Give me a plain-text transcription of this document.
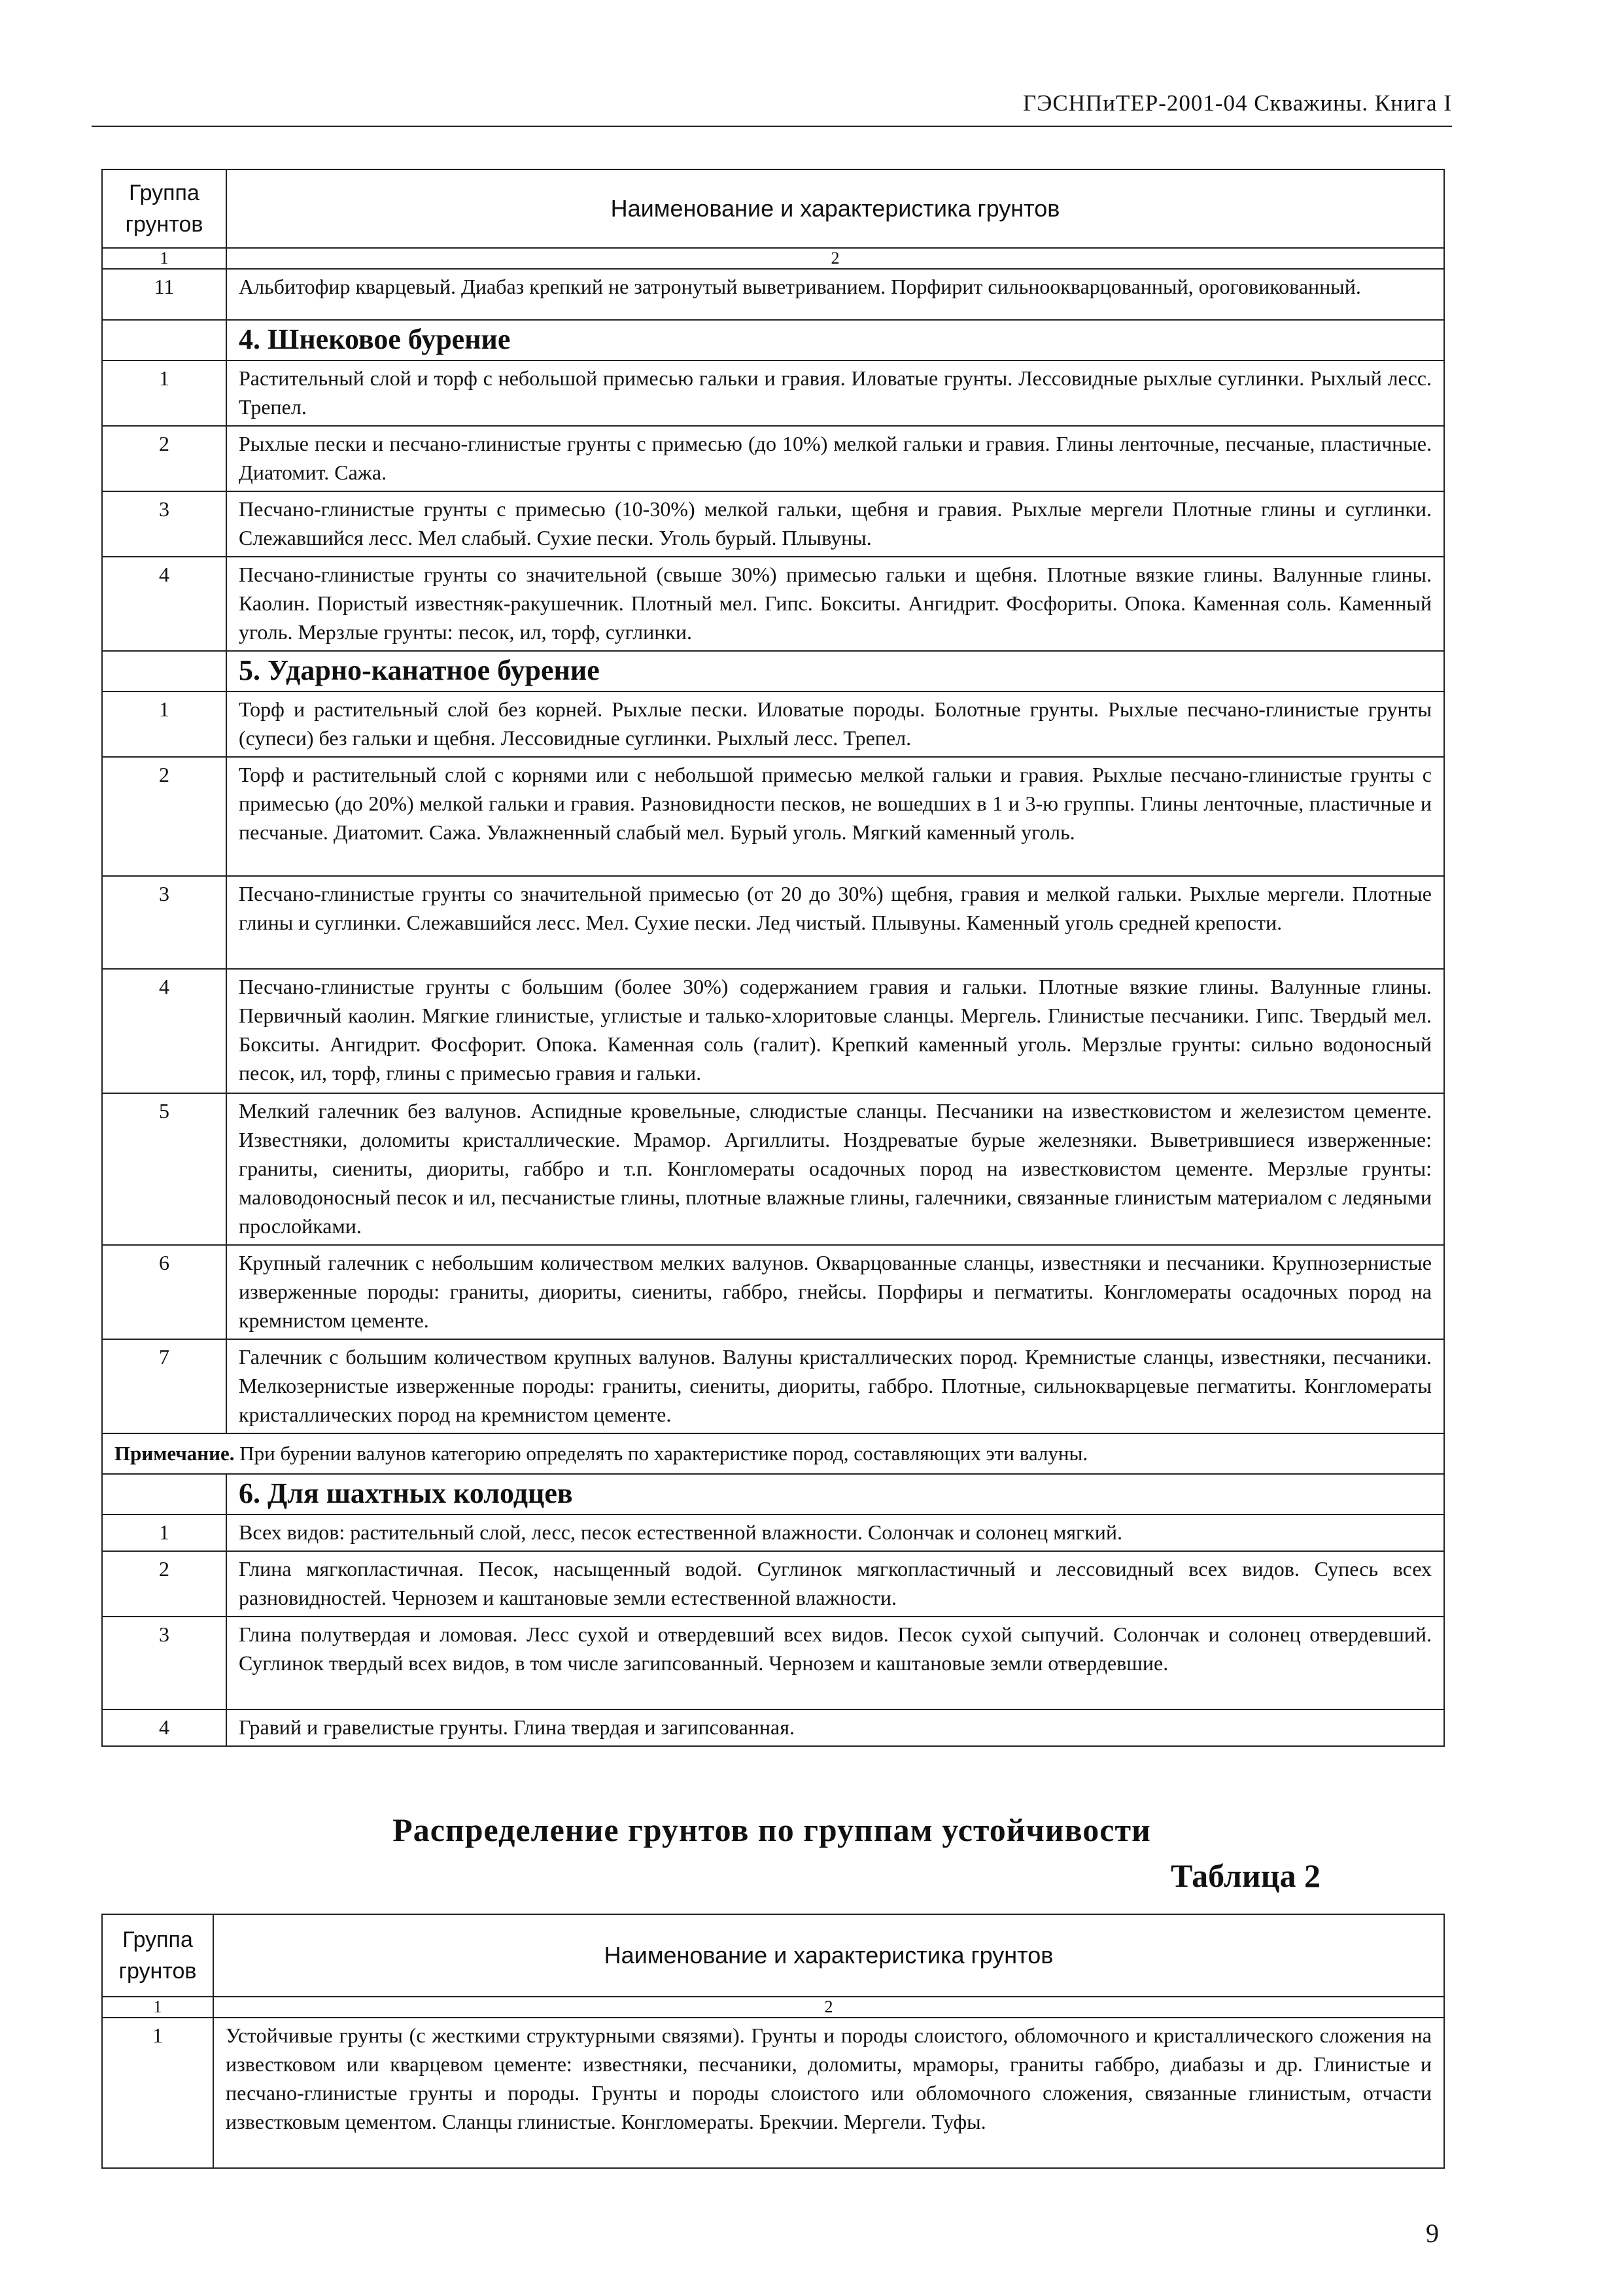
ГЭСНПиТЕР-2001-04 Скважины. Книга I
Группа грунтов	Наименование и характеристика грунтов
1	2
11	Альбитофир кварцевый. Диабаз крепкий не затронутый выветриванием. Порфирит сильноокварцованный, ороговикованный.
	4. Шнековое бурение
1	Растительный слой и торф с небольшой примесью гальки и гравия. Иловатые грунты. Лессовидные рыхлые суглинки. Рыхлый лесс. Трепел.
2	Рыхлые пески и песчано-глинистые грунты с примесью (до 10%) мелкой гальки и гравия. Глины ленточные, песчаные, пластичные. Диатомит. Сажа.
3	Песчано-глинистые грунты с примесью (10-30%) мелкой гальки, щебня и гравия. Рыхлые мергели Плотные глины и суглинки. Слежавшийся лесс. Мел слабый. Сухие пески. Уголь бурый. Плывуны.
4	Песчано-глинистые грунты со значительной (свыше 30%) примесью гальки и щебня. Плотные вязкие глины. Валунные глины. Каолин. Пористый известняк-ракушечник. Плотный мел. Гипс. Бокситы. Ангидрит. Фосфориты. Опока. Каменная соль. Каменный уголь. Мерзлые грунты: песок, ил, торф, суглинки.
	5. Ударно-канатное бурение
1	Торф и растительный слой без корней. Рыхлые пески. Иловатые породы. Болотные грунты. Рыхлые песчано-глинистые грунты (супеси) без гальки и щебня. Лессовидные суглинки. Рыхлый лесс. Трепел.
2	Торф и растительный слой с корнями или с небольшой примесью мелкой гальки и гравия. Рыхлые песчано-глинистые грунты с примесью (до 20%) мелкой гальки и гравия. Разновидности песков, не вошедших в 1 и 3-ю группы. Глины ленточные, пластичные и песчаные. Диатомит. Сажа. Увлажненный слабый мел. Бурый уголь. Мягкий каменный уголь.
3	Песчано-глинистые грунты со значительной примесью (от 20 до 30%) щебня, гравия и мелкой гальки. Рыхлые мергели. Плотные глины и суглинки. Слежавшийся лесс. Мел. Сухие пески. Лед чистый. Плывуны. Каменный уголь средней крепости.
4	Песчано-глинистые грунты с большим (более 30%) содержанием гравия и гальки. Плотные вязкие глины. Валунные глины. Первичный каолин. Мягкие глинистые, углистые и талько-хлоритовые сланцы. Мергель. Глинистые песчаники. Гипс. Твердый мел. Бокситы. Ангидрит. Фосфорит. Опока. Каменная соль (галит). Крепкий каменный уголь. Мерзлые грунты: сильно водоносный песок, ил, торф, глины с примесью гравия и гальки.
5	Мелкий галечник без валунов. Аспидные кровельные, слюдистые сланцы. Песчаники на известковистом и железистом цементе. Известняки, доломиты кристаллические. Мрамор. Аргиллиты. Ноздреватые бурые железняки. Выветрившиеся изверженные: граниты, сиениты, диориты, габбро и т.п. Конгломераты осадочных пород на известковистом цементе. Мерзлые грунты: маловодоносный песок и ил, песчанистые глины, плотные влажные глины, галечники, связанные глинистым материалом с ледяными прослойками.
6	Крупный галечник с небольшим количеством мелких валунов. Окварцованные сланцы, известняки и песчаники. Крупнозернистые изверженные породы: граниты, диориты, сиениты, габбро, гнейсы. Порфиры и пегматиты. Конгломераты осадочных пород на кремнистом цементе.
7	Галечник с большим количеством крупных валунов. Валуны кристаллических пород. Кремнистые сланцы, известняки, песчаники. Мелкозернистые изверженные породы: граниты, сиениты, диориты, габбро. Плотные, сильнокварцевые пегматиты. Конгломераты кристаллических пород на кремнистом цементе.
Примечание. При бурении валунов категорию определять по характеристике пород, составляющих эти валуны.	
	6. Для шахтных колодцев
1	Всех видов: растительный слой, лесс, песок естественной влажности. Солончак и солонец мягкий.
2	Глина мягкопластичная. Песок, насыщенный водой. Суглинок мягкопластичный и лессовидный всех видов. Супесь всех разновидностей. Чернозем и каштановые земли естественной влажности.
3	Глина полутвердая и ломовая. Лесс сухой и отвердевший всех видов. Песок сухой сыпучий. Солончак и солонец отвердевший. Суглинок твердый всех видов, в том числе загипсованный. Чернозем и каштановые земли отвердевшие.
4	Гравий и гравелистые грунты. Глина твердая и загипсованная.
Распределение грунтов по группам устойчивости
Таблица 2
Группа грунтов	Наименование и характеристика грунтов
1	2
1	Устойчивые грунты (с жесткими структурными связями). Грунты и породы слоистого, обломочного и кристаллического сложения на известковом или кварцевом цементе: известняки, песчаники, доломиты, мраморы, граниты габбро, диабазы и др. Глинистые и песчано-глинистые грунты и породы. Грунты и породы слоистого или обломочного сложения, связанные глинистым, отчасти известковым цементом. Сланцы глинистые. Конгломераты. Брекчии. Мергели. Туфы.
9
